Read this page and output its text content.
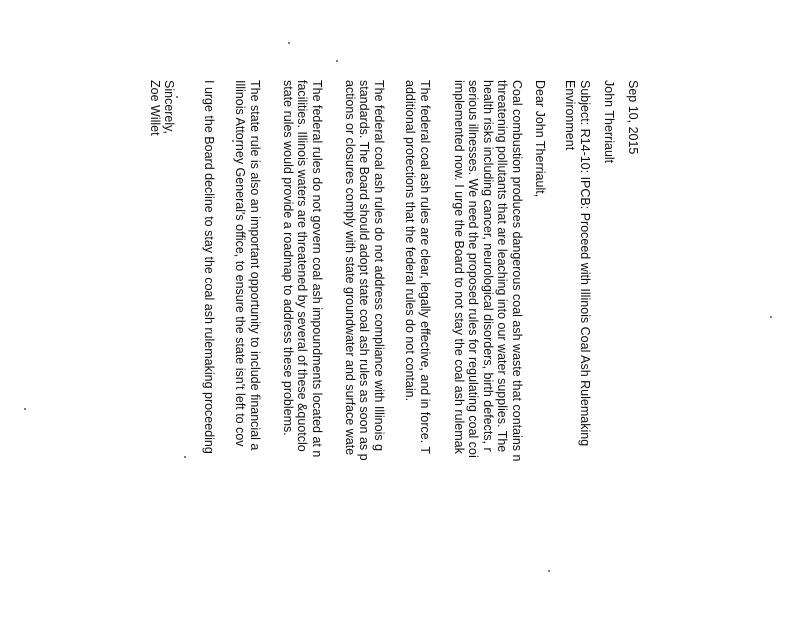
Sep 10, 2015
John Therriault
Subject: R14-10: IPCB: Proceed with Illinois Coal Ash Rulemaking
Environment
Dear John Therriault,
Coal combustion produces dangerous coal ash waste that contains n
threatening pollutants that are leaching into our water supplies. The
health risks including cancer, neurological disorders, birth defects, r
serious illnesses. We need the proposed rules for regulating coal coi
implemented now. I urge the Board to not stay the coal ash rulemak
The federal coal ash rules are clear, legally effective, and in force. T
additional protections that the federal rules do not contain.
The federal coal ash rules do not address compliance with Illinois g
standards. The Board should adopt state coal ash rules as soon as p
actions or closures comply with state groundwater and surface wate
The federal rules do not govern coal ash impoundments located at n
facilities. Illinois waters are threatened by several of these &quotclo
state rules would provide a roadmap to address these problems.
The state rule is also an important opportunity to include financial a
Illinois Attorney General's office, to ensure the state isn't left to cov
I urge the Board decline to stay the coal ash rulemaking proceeding
Sincerely,
Zoe Willet
